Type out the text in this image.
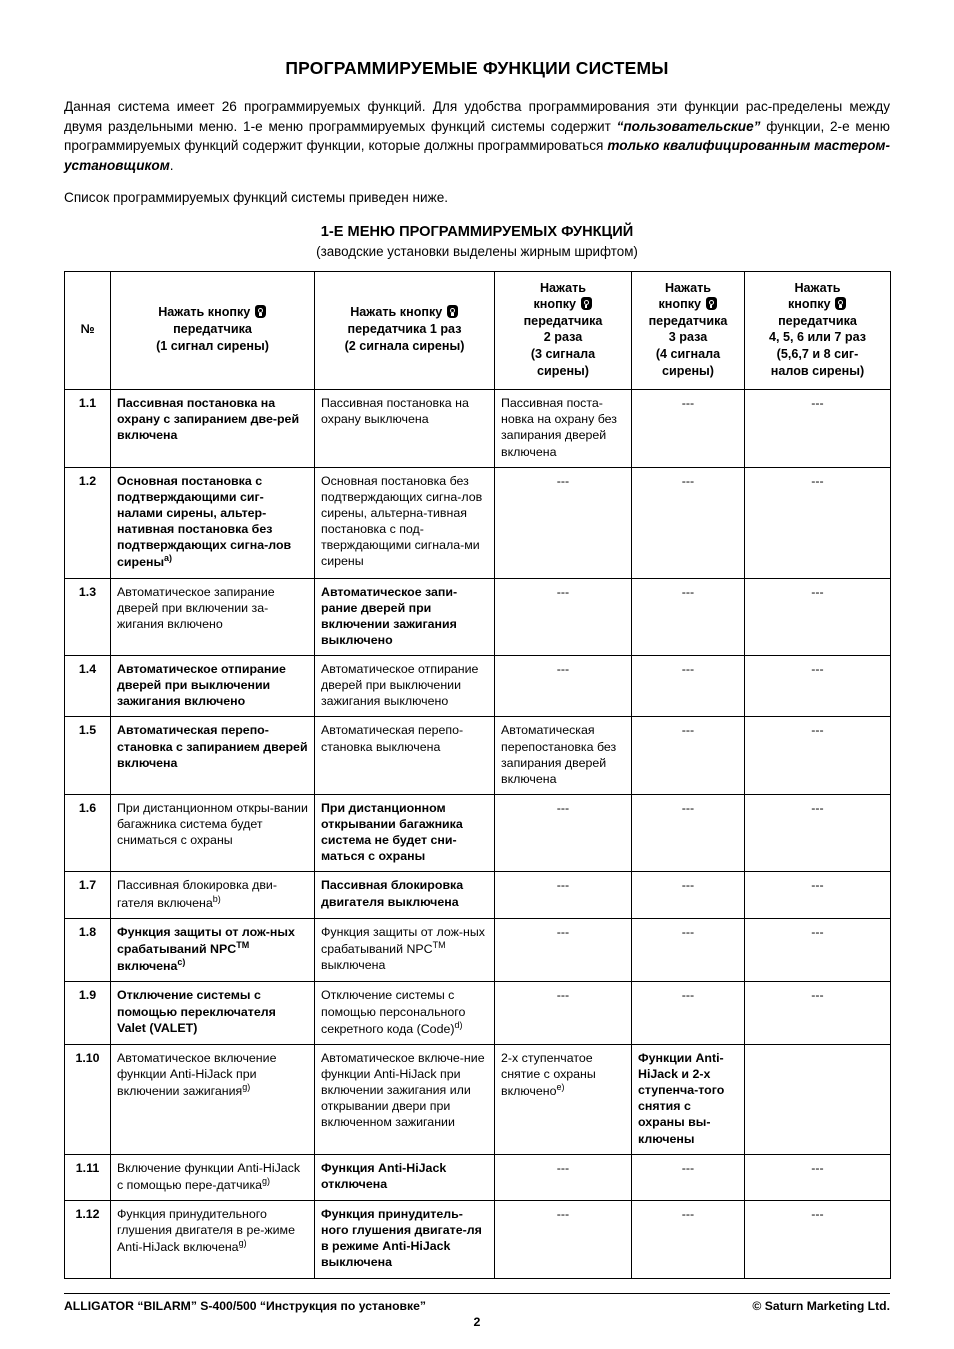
ПРОГРАММИРУЕМЫЕ ФУНКЦИИ СИСТЕМЫ

Данная система имеет 26 программируемых функций. Для удобства программирования эти функции рас-пределены между двумя раздельными меню. 1-е меню программируемых функций системы содержит “пользовательские” функции, 2-е меню программируемых функций содержит функции, которые должны программироваться только квалифицированным мастером-установщиком.

Список программируемых функций системы приведен ниже.

1-Е МЕНЮ ПРОГРАММИРУЕМЫХ ФУНКЦИЙ

(заводские установки выделены жирным шрифтом)

№	
Нажать кнопку
передатчика
(1 сигнал сирены)

Нажать кнопку
передатчика 1 раз
(2 сигнала сирены)

Нажать
кнопку
передатчика
2 раза
(3 сигнала
сирены)

Нажать
кнопку
передатчика
3 раза
(4 сигнала
сирены)

Нажать
кнопку
передатчика
4, 5, 6 или 7 раз
(5,6,7 и 8 сиг-
налов сирены)

1.1	Пассивная постановка на охрану с запиранием две-рей включена	Пассивная постановка на охрану выключена	Пассивная поста-новка на охрану без запирания дверей включена	---	---
1.2	Основная постановка с подтверждающими сиг-налами сирены, альтер-нативная постановка без подтверждающих сигна-лов сирены$^{а)}$	Основная постановка без подтверждающих сигна-лов сирены, альтерна-тивная постановка с под-тверждающими сигнала-ми сирены	---	---	---
1.3	Автоматическое запирание дверей при включении за-жигания включено	Автоматическое запи-рание дверей при включении зажигания выключено	---	---	---
1.4	Автоматическое отпирание дверей при выключении зажигания включено	Автоматическое отпирание дверей при выключении зажигания выключено	---	---	---
1.5	Автоматическая перепо-становка с запиранием дверей включена	Автоматическая перепо-становка выключена	Автоматическая перепостановка без запирания дверей включена	---	---
1.6	При дистанционном откры-вании багажника система будет сниматься с охраны	При дистанционном открывании багажника система не будет сни-маться с охраны	---	---	---
1.7	Пассивная блокировка дви-гателя включена$^{b)}$	Пассивная блокировка двигателя выключена	---	---	---
1.8	Функция защиты от лож-ных срабатываний NPC™ включена$^{c)}$	Функция защиты от лож-ных срабатываний NPC™ выключена	---	---	---
1.9	Отключение системы с помощью переключателя Valet (VALET)	Отключение системы с помощью персонального секретного кода (Code)$^{d)}$	---	---	---
1.10	Автоматическое включение функции Anti-HiJack при включении зажигания$^{g)}$	Автоматическое включе-ние функции Anti-HiJack при включении зажигания или открывании двери при включенном зажигании	2-х ступенчатое снятие с охраны включено$^{e)}$	Функции Anti-HiJack и 2-х ступенча-того снятия с охраны вы-ключены	
1.11	Включение функции Anti-HiJack с помощью пере-датчика$^{g)}$	Функция Anti-HiJack отключена	---	---	---
1.12	Функция принудительного глушения двигателя в ре-жиме Anti-HiJack включена$^{g)}$	Функция принудитель-ного глушения двигате-ля в режиме Anti-HiJack выключена	---	---	---
ALLIGATOR “BILARM” S-400/500 “Инструкция по установке”	© Saturn Marketing Ltd.
2
